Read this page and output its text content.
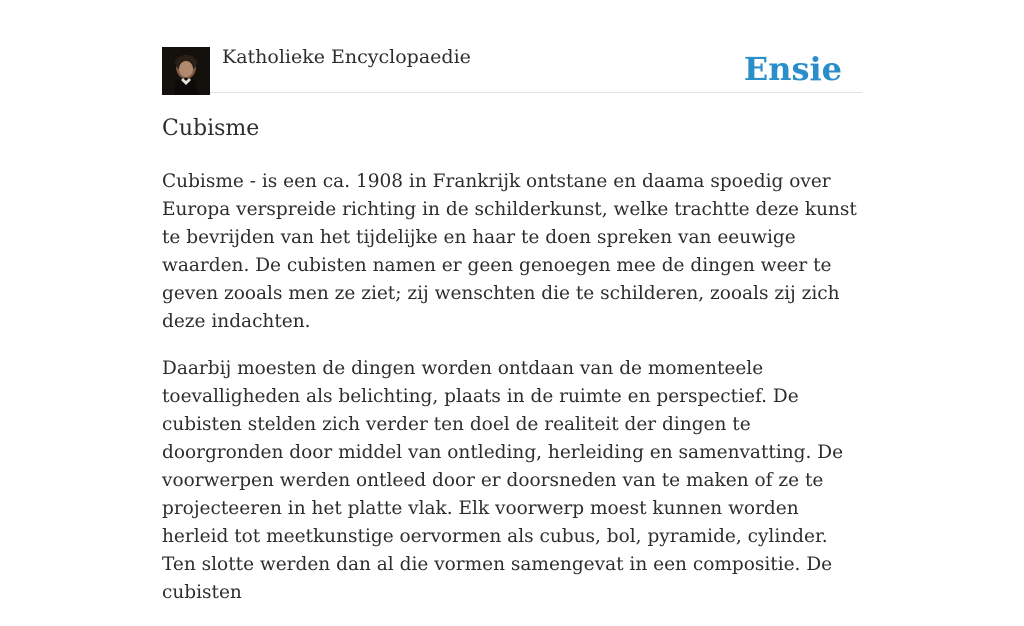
Katholieke Encyclopaedie	Ensie
Cubisme

Cubisme - is een ca. 1908 in Frankrijk ontstane en daama spoedig over Europa verspreide richting in de schilderkunst, welke trachtte deze kunst te bevrijden van het tijdelijke en haar te doen spreken van eeuwige waarden. De cubisten namen er geen genoegen mee de dingen weer te geven zooals men ze ziet; zij wenschten die te schilderen, zooals zij zich deze indachten.

Daarbij moesten de dingen worden ontdaan van de momenteele toevalligheden als belichting, plaats in de ruimte en perspectief. De cubisten stelden zich verder ten doel de realiteit der dingen te doorgronden door middel van ontleding, herleiding en samenvatting. De voorwerpen werden ontleed door er doorsneden van te maken of ze te projecteeren in het platte vlak. Elk voorwerp moest kunnen worden herleid tot meetkunstige oervormen als cubus, bol, pyramide, cylinder. Ten slotte werden dan al die vormen samengevat in een compositie. De cubisten
